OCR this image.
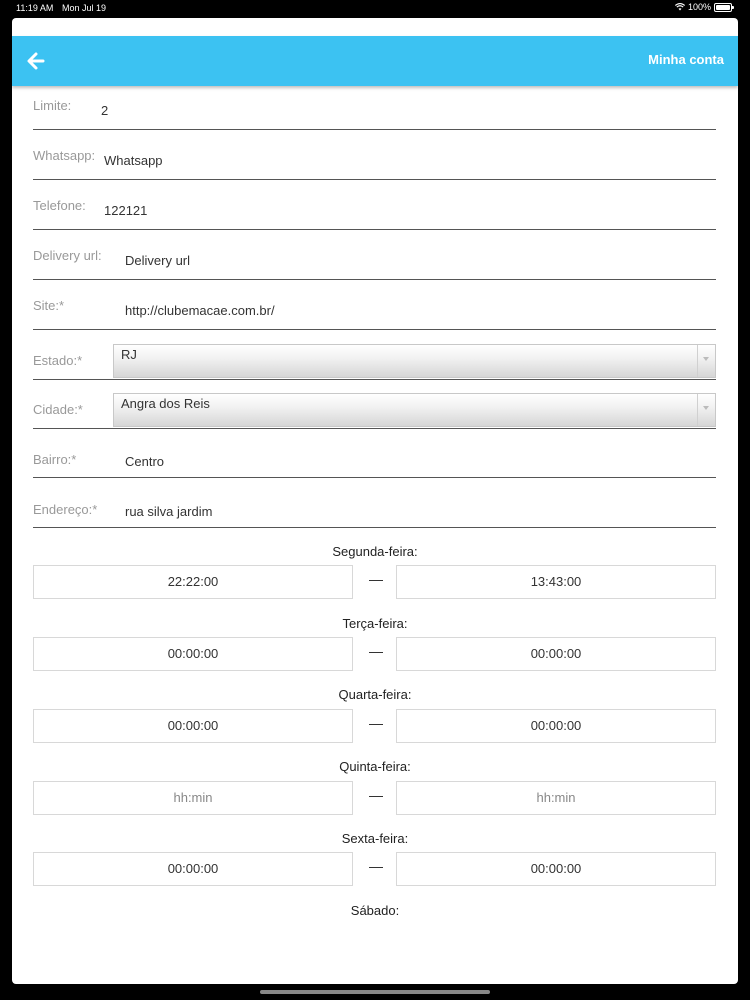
11:19 AM Mon Jul 19	100%
Minha conta
Limite: 2
Whatsapp: Whatsapp
Telefone: 122121
Delivery url: Delivery url
Site:*	http://clubemacae.com.br/
Estado:*	RJ
Cidade:*	Angra dos Reis
Bairro:*	Centro
Endereço:* rua silva jardim
Segunda-feira:
22:22:00	13:43:00
Terça-feira:
00:00:00	00:00:00
Quarta-feira:
00:00:00	00:00:00
Quinta-feira:
hh:min	hh:min
Sexta-feira:
00:00:00	00:00:00
Sábado:
